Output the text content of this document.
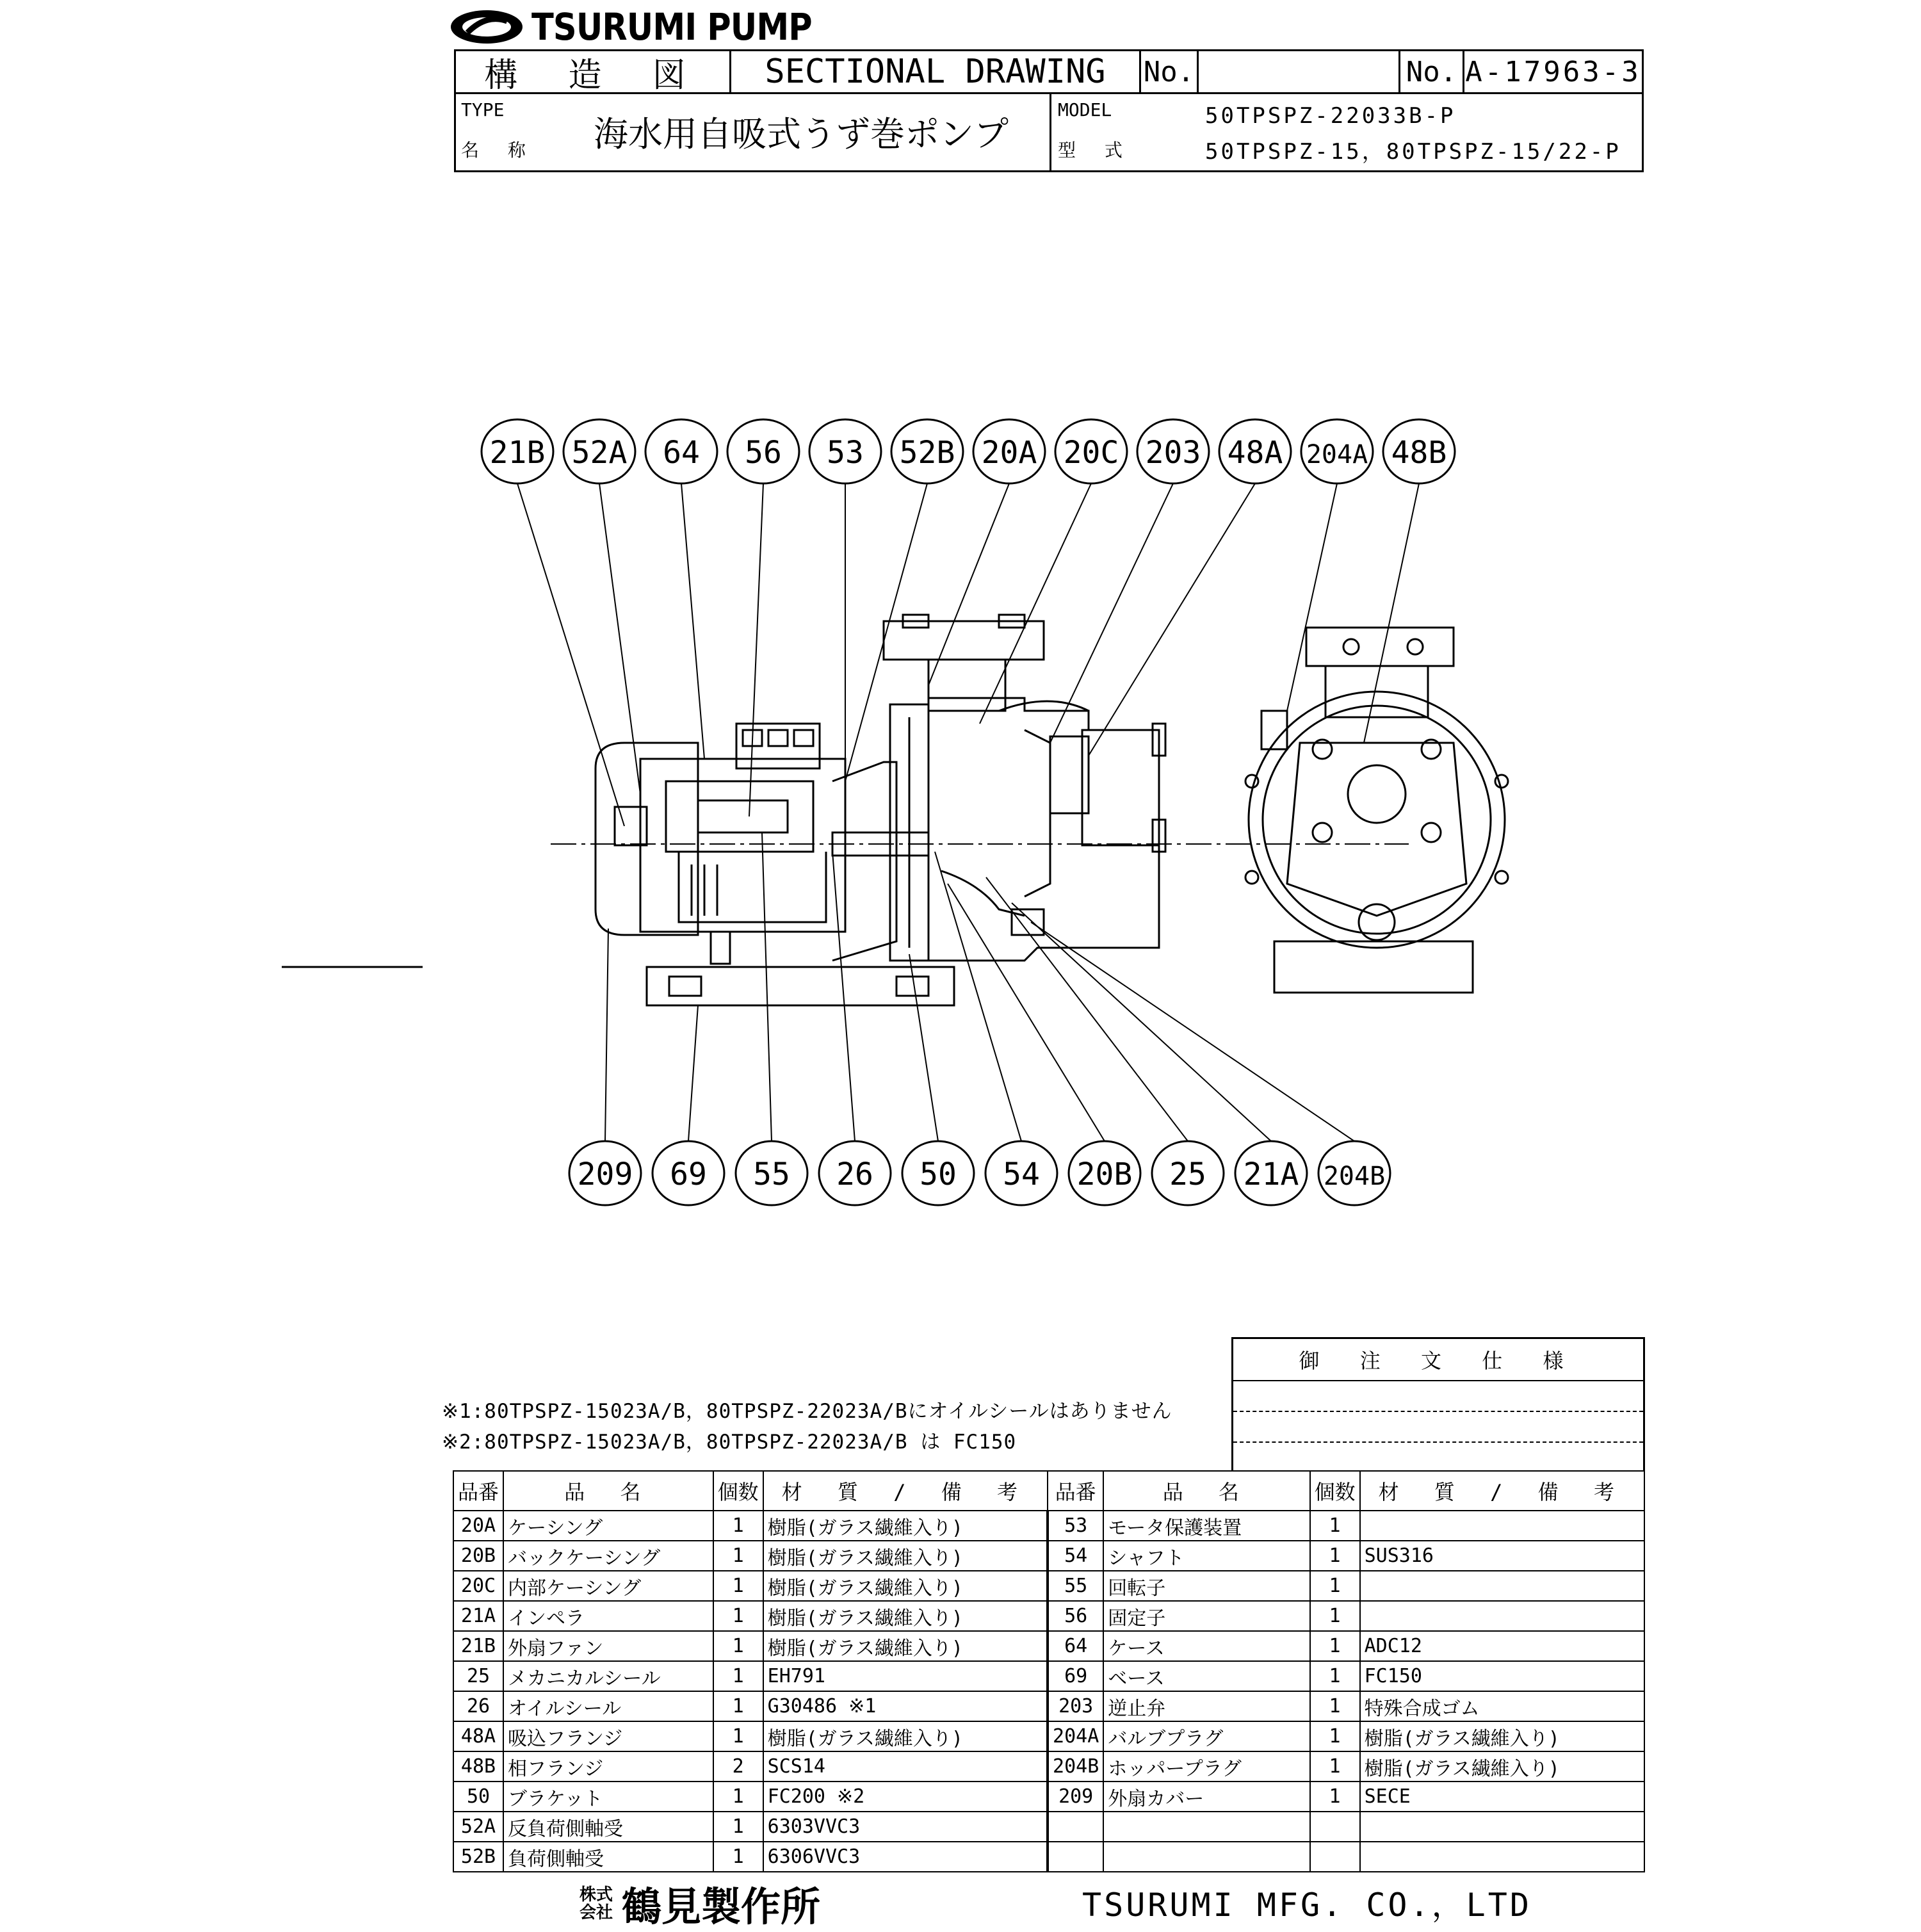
TSURUMI PUMP
構 造 図	SECTIONAL DRAWING	No.	No. A-17963-3
TYPE
名 称 海水用自吸式うず巻ポンプ
MODEL
型 式
50TPSPZ-22033B-P
50TPSPZ-15，80TPSPZ-15/22-P
21B 52A 64 56 53 52B 20A 20C 203 48A 204A 48B
209 69 55 26 50 54 20B 25 21A 204B
※1:80TPSPZ-15023A/B，80TPSPZ-22023A/Bにオイルシールはありません
※2:80TPSPZ-15023A/B，80TPSPZ-22023A/B は FC150
御 注 文 仕 様
品番	品 名	個数	材 質 / 備 考	品番	品 名	個数	材 質 / 備 考
20A	ケーシング	1	樹脂(ガラス繊維入り)	53	モータ保護装置	1	
20B	バックケーシング	1	樹脂(ガラス繊維入り)	54	シャフト	1	SUS316
20C	内部ケーシング	1	樹脂(ガラス繊維入り)	55	回転子	1	
21A	インペラ	1	樹脂(ガラス繊維入り)	56	固定子	1	
21B	外扇ファン	1	樹脂(ガラス繊維入り)	64	ケース	1	ADC12
25	メカニカルシール	1	EH791	69	ベース	1	FC150
26	オイルシール	1	G30486 ※1	203	逆止弁	1	特殊合成ゴム
48A	吸込フランジ	1	樹脂(ガラス繊維入り)	204A	バルブプラグ	1	樹脂(ガラス繊維入り)
48B	相フランジ	2	SCS14	204B	ホッパープラグ	1	樹脂(ガラス繊維入り)
50	ブラケット	1	FC200 ※2	209	外扇カバー	1	SECE
52A	反負荷側軸受	1	6303VVC3				
52B	負荷側軸受	1	6306VVC3				
株式会社 鶴見製作所	TSURUMI MFG. CO.，LTD
